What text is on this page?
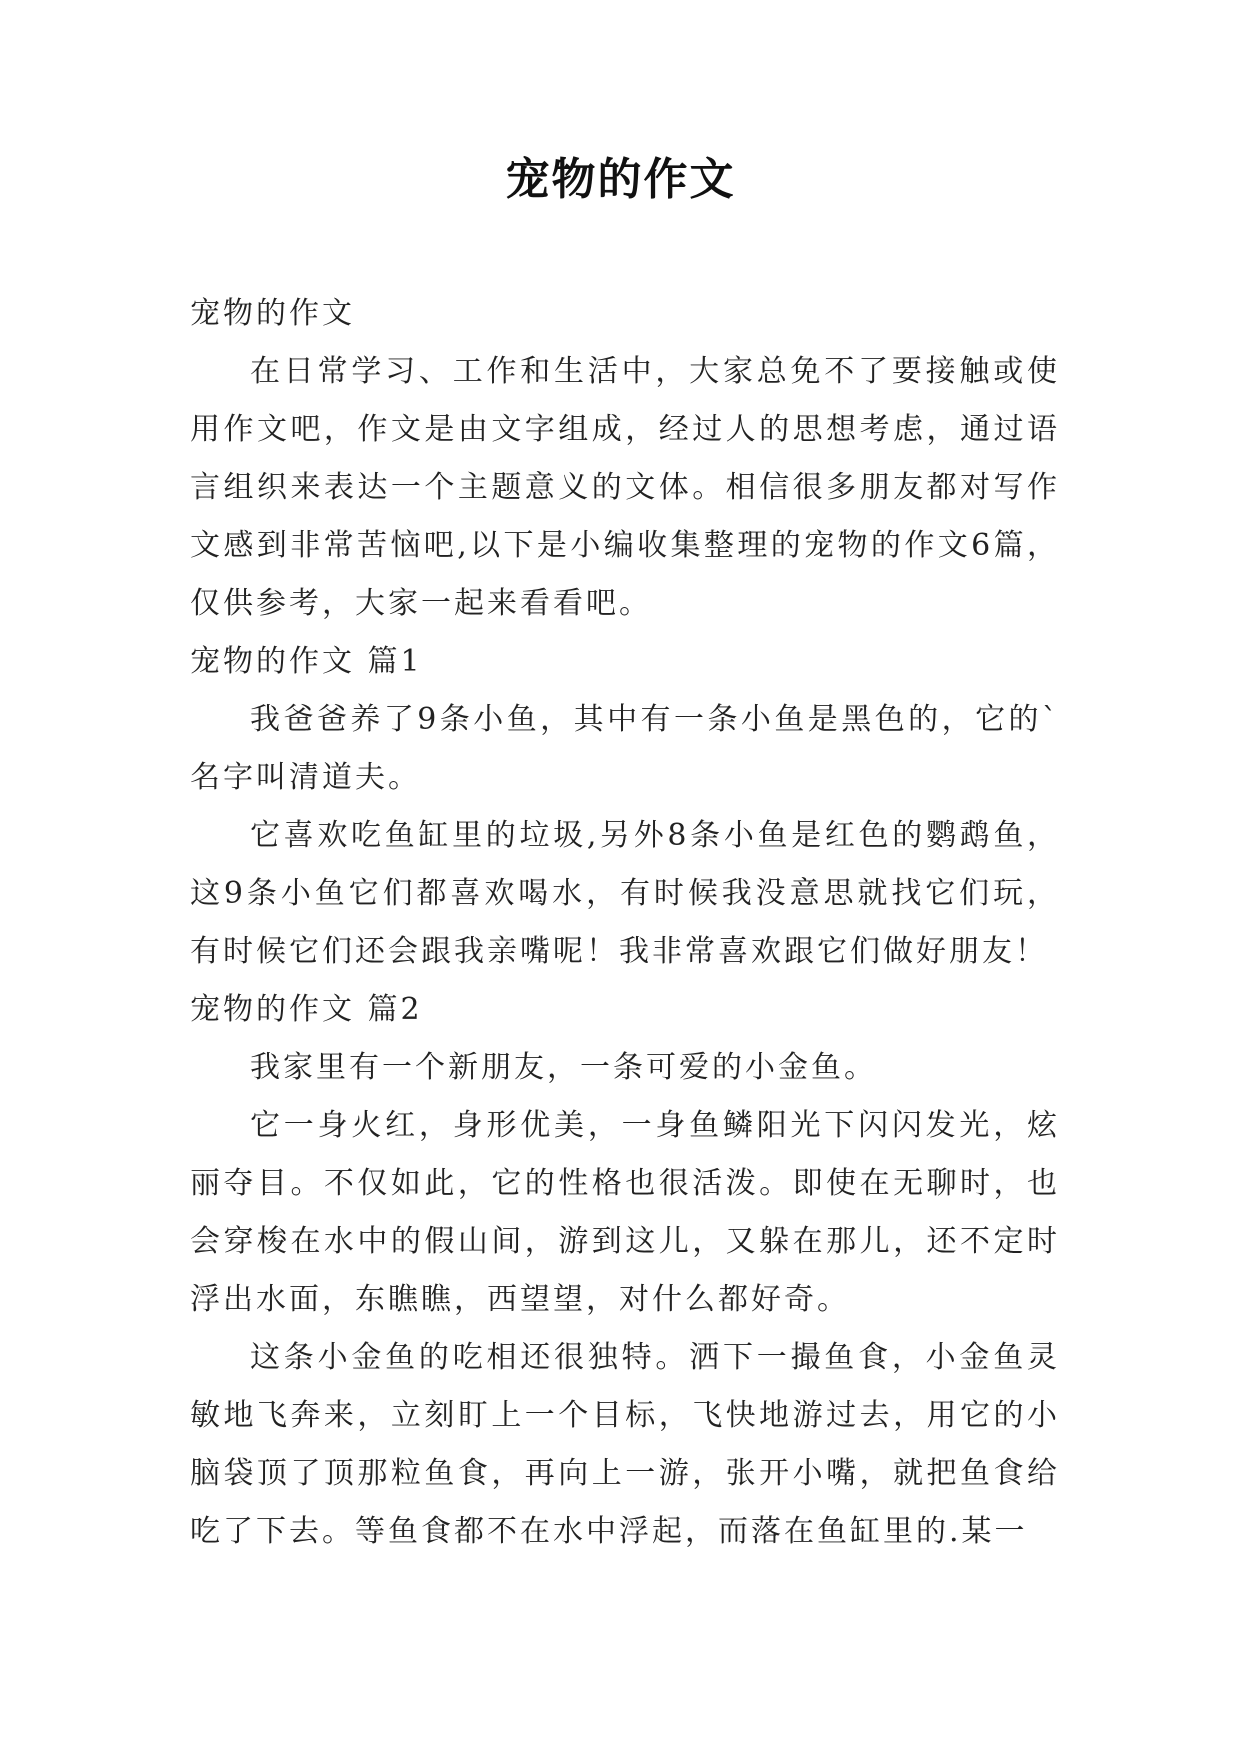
宠物的作文

宠物的作文

在日常学习、工作和生活中，大家总免不了要接触或使用作文吧，作文是由文字组成，经过人的思想考虑，通过语言组织来表达一个主题意义的文体。相信很多朋友都对写作文感到非常苦恼吧,以下是小编收集整理的宠物的作文6篇，仅供参考，大家一起来看看吧。

宠物的作文 篇1

我爸爸养了9条小鱼，其中有一条小鱼是黑色的，它的`名字叫清道夫。

它喜欢吃鱼缸里的垃圾,另外8条小鱼是红色的鹦鹉鱼，这9条小鱼它们都喜欢喝水，有时候我没意思就找它们玩，有时候它们还会跟我亲嘴呢！我非常喜欢跟它们做好朋友！

宠物的作文 篇2

我家里有一个新朋友，一条可爱的小金鱼。

它一身火红，身形优美，一身鱼鳞阳光下闪闪发光，炫丽夺目。不仅如此，它的性格也很活泼。即使在无聊时，也会穿梭在水中的假山间，游到这儿，又躲在那儿，还不定时浮出水面，东瞧瞧，西望望，对什么都好奇。

这条小金鱼的吃相还很独特。洒下一撮鱼食，小金鱼灵敏地飞奔来，立刻盯上一个目标，飞快地游过去，用它的小脑袋顶了顶那粒鱼食，再向上一游，张开小嘴，就把鱼食给吃了下去。等鱼食都不在水中浮起，而落在鱼缸里的.某一
